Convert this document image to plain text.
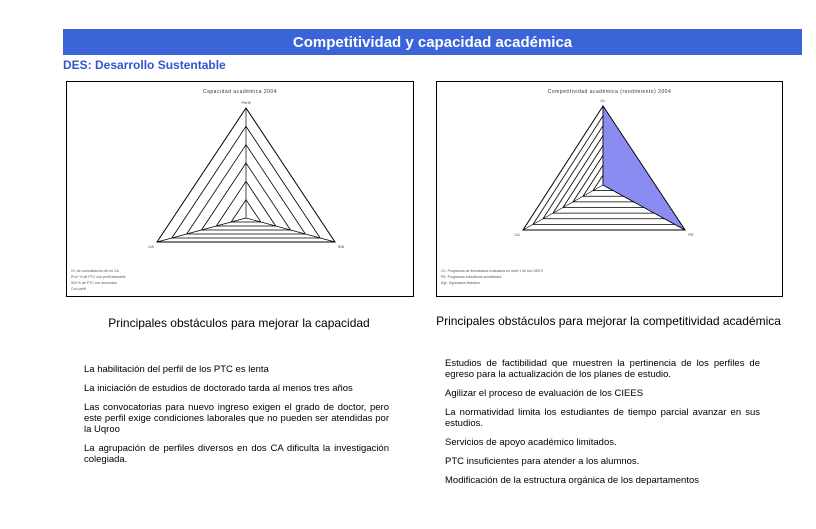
Competitividad y capacidad académica
DES: Desarrollo Sustentable
Capacidad académica 2004
Perfil
CA	SNI
Gr. de consolidación de los CA
Prof. % de PTC con perfil deseable
SNI % de PTC con doctorado
Con perfil
Competitividad académica (rendimiento) 2004
Gr.
CA	PE
Gr.: Programas de licenciatura evaluados en nivel 1 de los CIEES
PE: Programas educativos acreditados
Egr.: Egresados titulados
Principales obstáculos para mejorar la capacidad	Principales obstáculos para mejorar la competitividad académica

La habilitación del perfil de los PTC es lenta

La iniciación de estudios de doctorado tarda al menos tres años

Las convocatorias para nuevo ingreso exigen el grado de doctor, pero este perfil exige condiciones laborales que no pueden ser atendidas por la Uqroo

La agrupación de perfiles diversos en dos CA dificulta la investigación colegiada.

Estudios de factibilidad que muestren la pertinencia de los perfiles de egreso para la actualización de los planes de estudio.

Agilizar el proceso de evaluación de los CIEES

La normatividad limita los estudiantes de tiempo parcial avanzar en sus estudios.

Servicios de apoyo académico limitados.

PTC insuficientes para atender a los alumnos.

Modificación de la estructura orgánica de los departamentos
